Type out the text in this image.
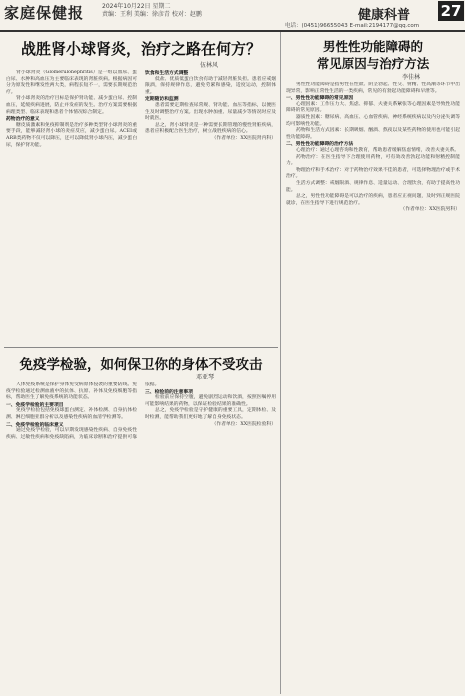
家庭保健报	2024年10月22日 星期二
责编：王利 美编：徐彦青 校对：赵鹏	健康科普 27
电话：(0451)96655043 E-mail:2194177@qq.com
战胜肾小球肾炎，治疗之路在何方？
伍林风

肾小球肾炎（Glomerulonephritis）是一组以血尿、蛋白尿、水肿和高血压为主要临床表现的肾脏疾病。根据病因可分为原发性和继发性两大类，病程长短不一，需要长期规范治疗。

肾小球肾炎的治疗目标是保护肾功能、减少蛋白尿、控制血压，延缓疾病进展，防止并发症的发生。治疗方案需要根据病理类型、临床表现和患者个体情况综合制定。

药物治疗的意义

糖皮质激素和免疫抑制剂是治疗多种类型肾小球肾炎的重要手段，能够减轻肾小球的炎症反应，减少蛋白尿。ACEI或ARB类药物不仅可以降压，还可以降低肾小球内压，减少蛋白尿，保护肾功能。

饮食和生活方式调整

低盐、优质低蛋白饮食有助于减轻肾脏负担。患者应戒烟限酒，保持规律作息，避免劳累和感染，适度运动，控制体重。

定期随访和监测

患者需要定期检查尿常规、肾功能、血压等指标，以便医生及时调整治疗方案。出现水肿加重、尿量减少等情况时应及时就医。

总之，肾小球肾炎是一种需要长期管理的慢性肾脏疾病，患者应积极配合医生治疗，树立战胜疾病的信心。

（作者单位：XX医院肾内科）

免疫学检验，如何保卫你的身体不受攻击
邓亚琴

人体免疫系统是保护身体免受病原体侵袭的重要防线。免疫学检验通过检测血液中的抗体、抗原、补体及免疫细胞等指标，帮助医生了解免疫系统的功能状态。

一、免疫学检验的主要项目

免疫学检验包括免疫球蛋白测定、补体检测、自身抗体检测、淋巴细胞亚群分析以及感染性疾病的血清学检测等。

二、免疫学检验的临床意义

通过免疫学检验，可以早期发现感染性疾病、自身免疫性疾病、过敏性疾病和免疫缺陷病，为临床诊断和治疗提供可靠依据。

三、检验前的注意事项

检验前应保持空腹，避免剧烈运动和饮酒，按照医嘱停用可能影响结果的药物，以保证检验结果的准确性。

总之，免疫学检验是守护健康的重要工具，定期体检、及时检测，能帮助我们更好地了解自身免疫状态。

（作者单位：XX医院检验科）

男性性功能障碍的
常见原因与治疗方法
李佳林

男性性功能障碍是指男性在性欲、阴茎勃起、性交、射精、性高潮等环节中出现异常，影响正常性生活的一类疾病，常见的有勃起功能障碍和早泄等。

一、男性性功能障碍的常见原因

心理因素：工作压力大、焦虑、抑郁、夫妻关系紧张等心理因素是导致性功能障碍的常见原因。

器质性因素：糖尿病、高血压、心血管疾病、神经系统疾病以及内分泌失调等均可影响性功能。

药物和生活方式因素：长期吸烟、酗酒、熬夜以及某些药物的使用也可能引起性功能障碍。

二、男性性功能障碍的治疗方法

心理治疗：通过心理咨询和性教育，帮助患者缓解焦虑情绪，改善夫妻关系。

药物治疗：在医生指导下合理使用药物，可有效改善勃起功能和射精控制能力。

物理治疗和手术治疗：对于药物治疗效果不佳的患者，可选择物理治疗或手术治疗。

生活方式调整：戒烟限酒、规律作息、适量运动、合理饮食，有助于提高性功能。

总之，男性性功能障碍是可以治疗的疾病，患者应正视问题，及时到正规医院就诊，在医生指导下进行规范治疗。

（作者单位：XX医院男科）
